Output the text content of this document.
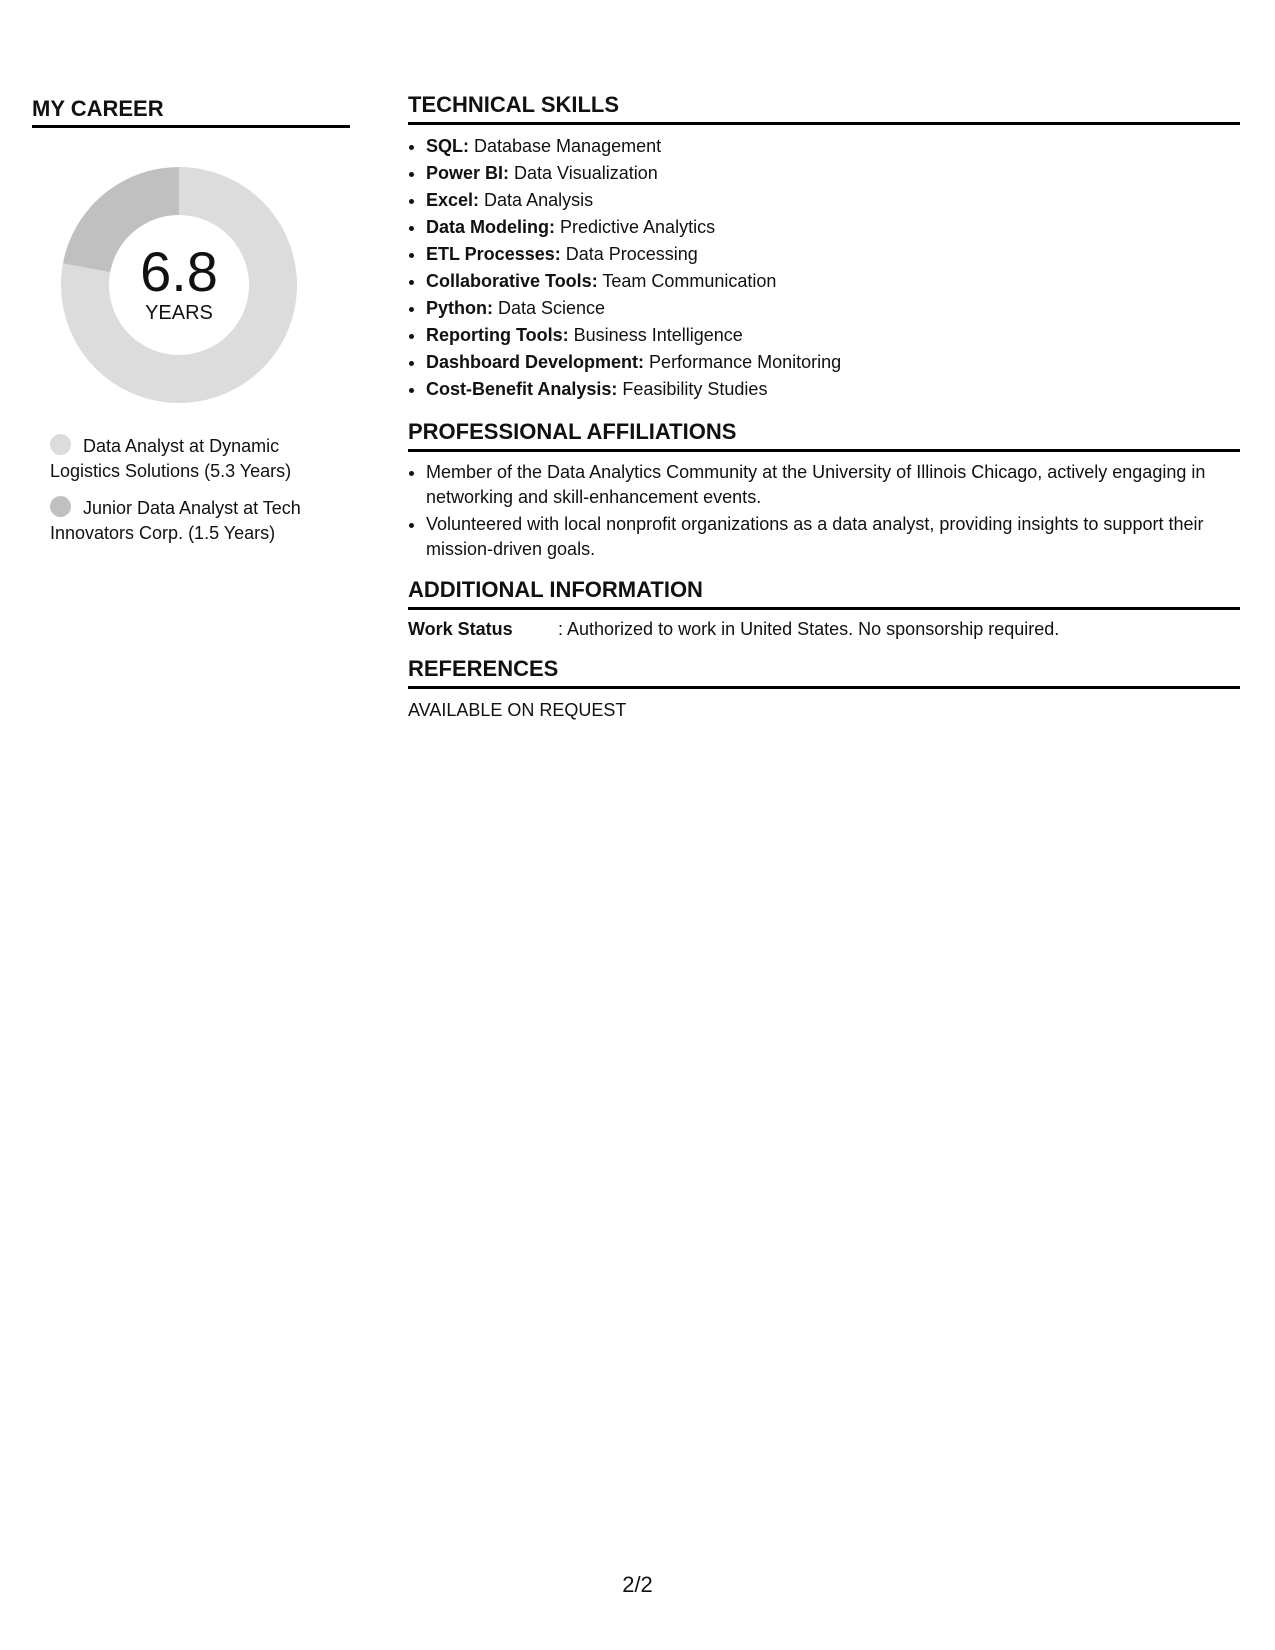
MY CAREER
6.8
YEARS
Data Analyst at Dynamic Logistics Solutions (5.3 Years)
Junior Data Analyst at Tech Innovators Corp. (1.5 Years)
TECHNICAL SKILLS
• SQL: Database Management
• Power BI: Data Visualization
• Excel: Data Analysis
• Data Modeling: Predictive Analytics
• ETL Processes: Data Processing
• Collaborative Tools: Team Communication
• Python: Data Science
• Reporting Tools: Business Intelligence
• Dashboard Development: Performance Monitoring
• Cost-Benefit Analysis: Feasibility Studies
PROFESSIONAL AFFILIATIONS
• Member of the Data Analytics Community at the University of Illinois Chicago, actively engaging in networking and skill-enhancement events.
• Volunteered with local nonprofit organizations as a data analyst, providing insights to support their mission-driven goals.
ADDITIONAL INFORMATION
Work Status	: Authorized to work in United States. No sponsorship required.
REFERENCES
AVAILABLE ON REQUEST
2/2
